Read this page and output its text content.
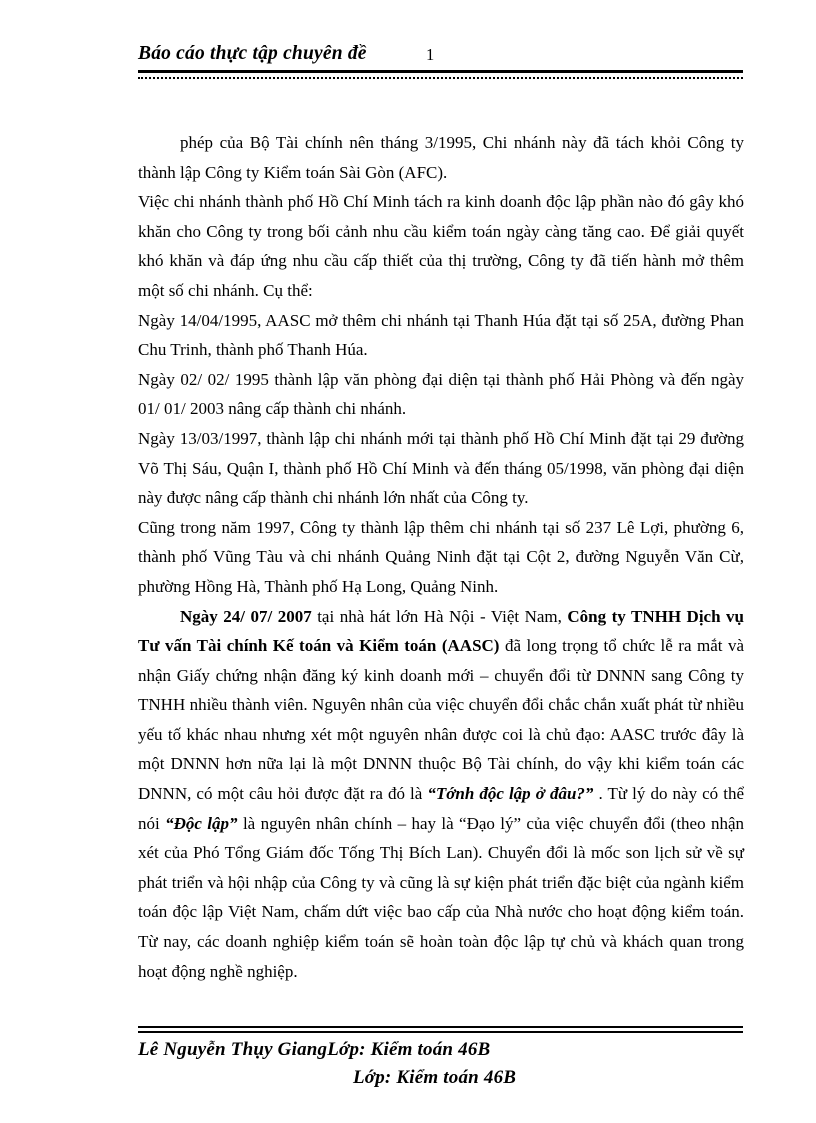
Báo cáo thực tập chuyên đề	1

phép của Bộ Tài chính nên tháng 3/1995, Chi nhánh này đã tách khỏi Công ty thành lập Công ty Kiểm toán Sài Gòn (AFC).

Việc chi nhánh thành phố Hồ Chí Minh tách ra kinh doanh độc lập phần nào đó gây khó khăn cho Công ty trong bối cảnh nhu cầu kiểm toán ngày càng tăng cao. Để giải quyết khó khăn và đáp ứng nhu cầu cấp thiết của thị trường, Công ty đã tiến hành mở thêm một số chi nhánh. Cụ thể:

Ngày 14/04/1995, AASC mở thêm chi nhánh tại Thanh Húa đặt tại số 25A, đường Phan Chu Trinh, thành phố Thanh Húa.

Ngày 02/ 02/ 1995 thành lập văn phòng đại diện tại thành phố Hải Phòng và đến ngày 01/ 01/ 2003 nâng cấp thành chi nhánh.

Ngày 13/03/1997, thành lập chi nhánh mới tại thành phố Hồ Chí Minh đặt tại 29 đường Võ Thị Sáu, Quận I, thành phố Hồ Chí Minh và đến tháng 05/1998, văn phòng đại diện này được nâng cấp thành chi nhánh lớn nhất của Công ty.

Cũng trong năm 1997, Công ty thành lập thêm chi nhánh tại số 237 Lê Lợi, phường 6, thành phố Vũng Tàu và chi nhánh Quảng Ninh đặt tại Cột 2, đường Nguyễn Văn Cừ, phường Hồng Hà, Thành phố Hạ Long, Quảng Ninh.

Ngày 24/ 07/ 2007 tại nhà hát lớn Hà Nội - Việt Nam, Công ty TNHH Dịch vụ Tư vấn Tài chính Kế toán và Kiểm toán (AASC) đã long trọng tổ chức lễ ra mắt và nhận Giấy chứng nhận đăng ký kinh doanh mới – chuyển đổi từ DNNN sang Công ty TNHH nhiều thành viên. Nguyên nhân của việc chuyển đổi chắc chắn xuất phát từ nhiều yếu tố khác nhau nhưng xét một nguyên nhân được coi là chủ đạo: AASC trước đây là một DNNN hơn nữa lại là một DNNN thuộc Bộ Tài chính, do vậy khi kiểm toán các DNNN, có một câu hỏi được đặt ra đó là “Tớnh độc lập ở đâu?” . Từ lý do này có thể nói “Độc lập” là nguyên nhân chính – hay là “Đạo lý” của việc chuyển đổi (theo nhận xét của Phó Tổng Giám đốc Tống Thị Bích Lan). Chuyển đổi là mốc son lịch sử về sự phát triển và hội nhập của Công ty và cũng là sự kiện phát triển đặc biệt của ngành kiểm toán độc lập Việt Nam, chấm dứt việc bao cấp của Nhà nước cho hoạt động kiểm toán. Từ nay, các doanh nghiệp kiểm toán sẽ hoàn toàn độc lập tự chủ và khách quan trong hoạt động nghề nghiệp.

Lê Nguyễn Thụy GiangLớp: Kiểm toán 46B
Lớp: Kiểm toán 46B
